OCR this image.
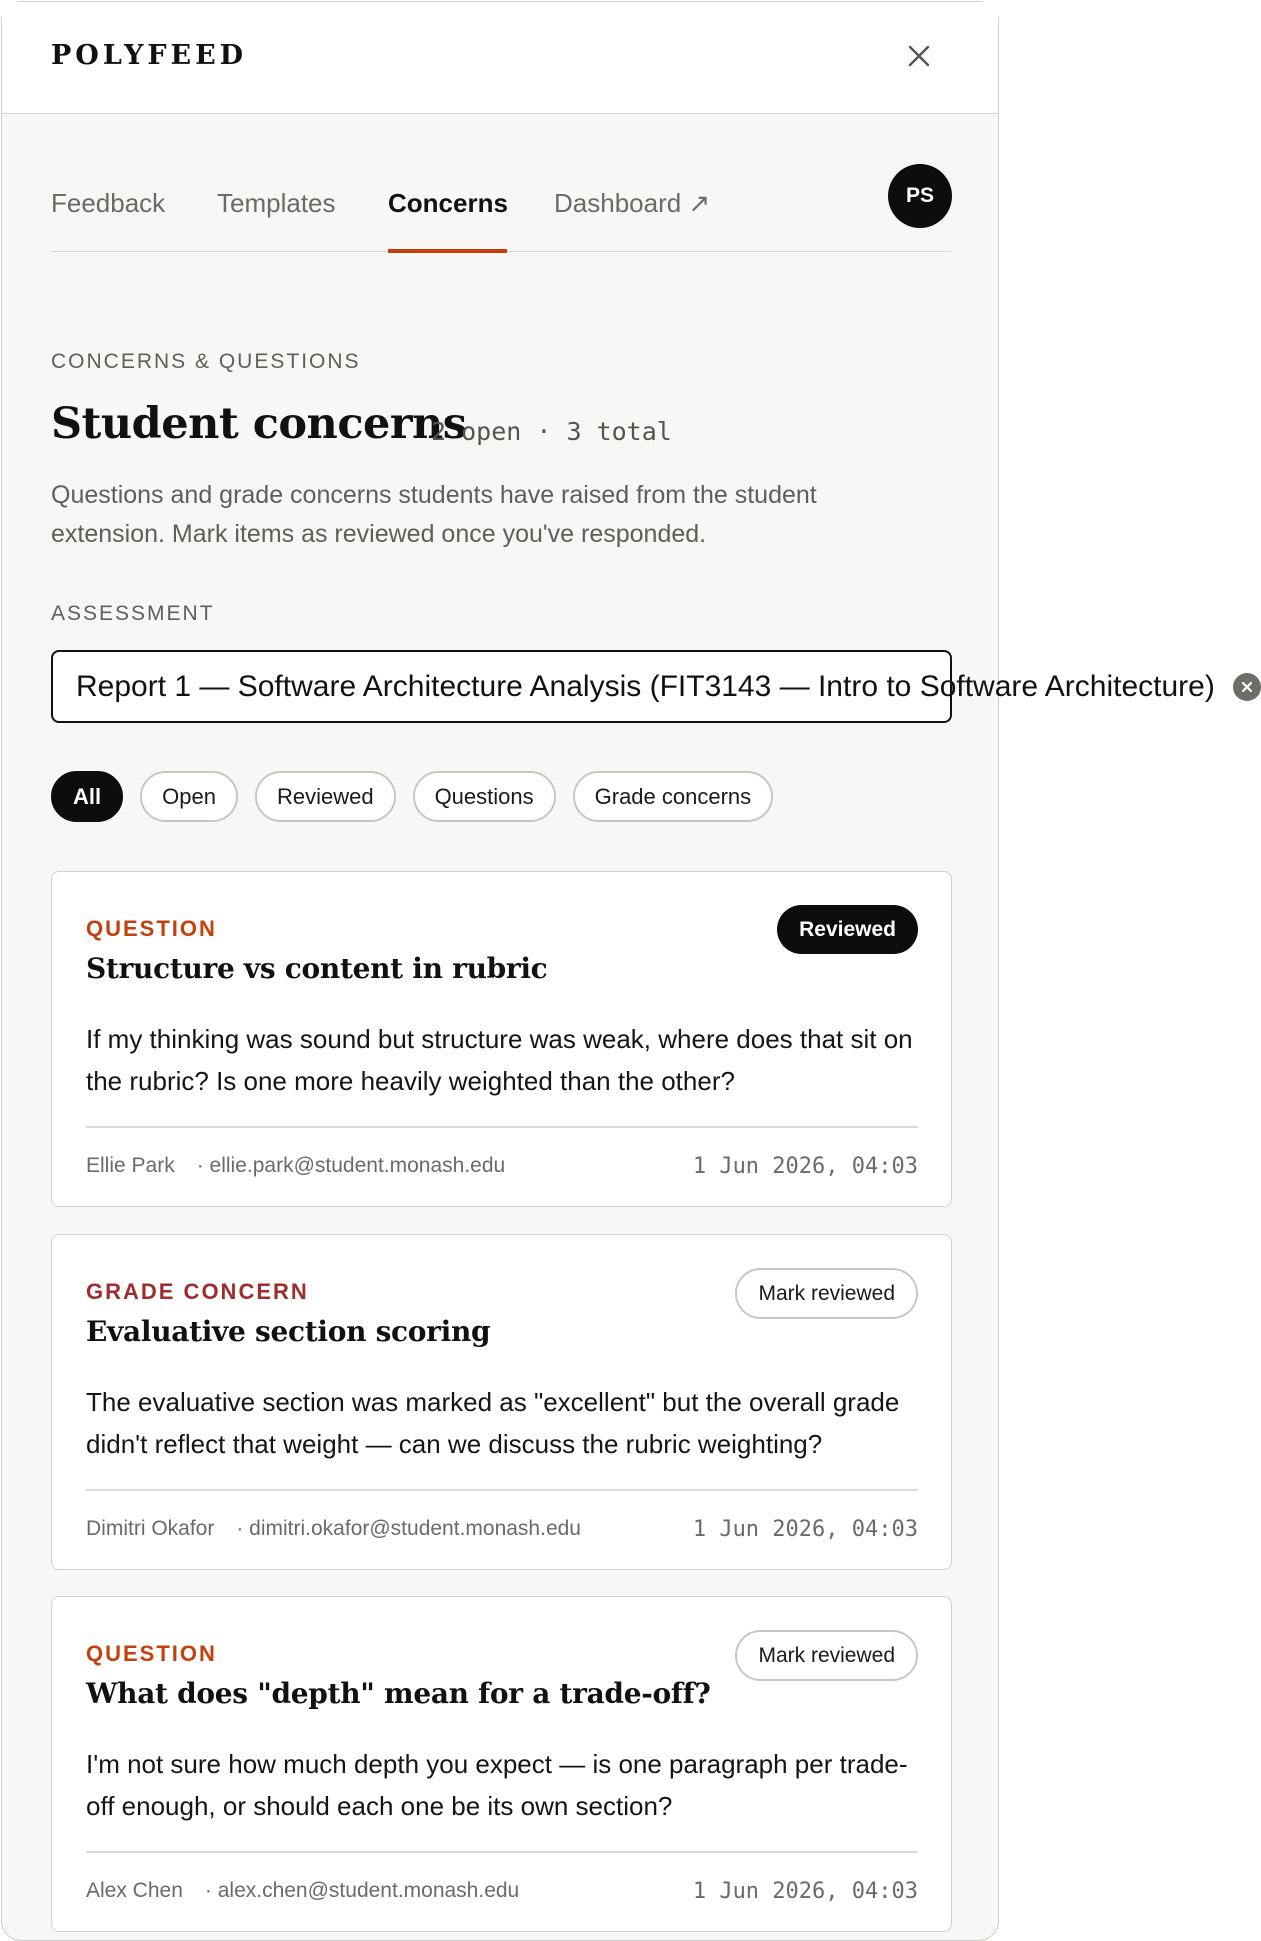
POLYFEED
Feedback Templates Concerns Dashboard ↗	PS
CONCERNS & QUESTIONS
Student concerns
2 open · 3 total
Questions and grade concerns students have raised from the student extension. Mark items as reviewed once you've responded.
ASSESSMENT
Report 1 — Software Architecture Analysis (FIT3143 — Intro to Software Architecture)
All	Open	Reviewed	Questions	Grade concerns
QUESTION	Reviewed
Structure vs content in rubric
If my thinking was sound but structure was weak, where does that sit on the rubric? Is one more heavily weighted than the other?
Ellie Park · ellie.park@student.monash.edu	1 Jun 2026, 04:03
GRADE CONCERN	Mark reviewed
Evaluative section scoring
The evaluative section was marked as "excellent" but the overall grade didn't reflect that weight — can we discuss the rubric weighting?
Dimitri Okafor · dimitri.okafor@student.monash.edu	1 Jun 2026, 04:03
QUESTION	Mark reviewed
What does "depth" mean for a trade-off?
I'm not sure how much depth you expect — is one paragraph per trade-off enough, or should each one be its own section?
Alex Chen · alex.chen@student.monash.edu	1 Jun 2026, 04:03
